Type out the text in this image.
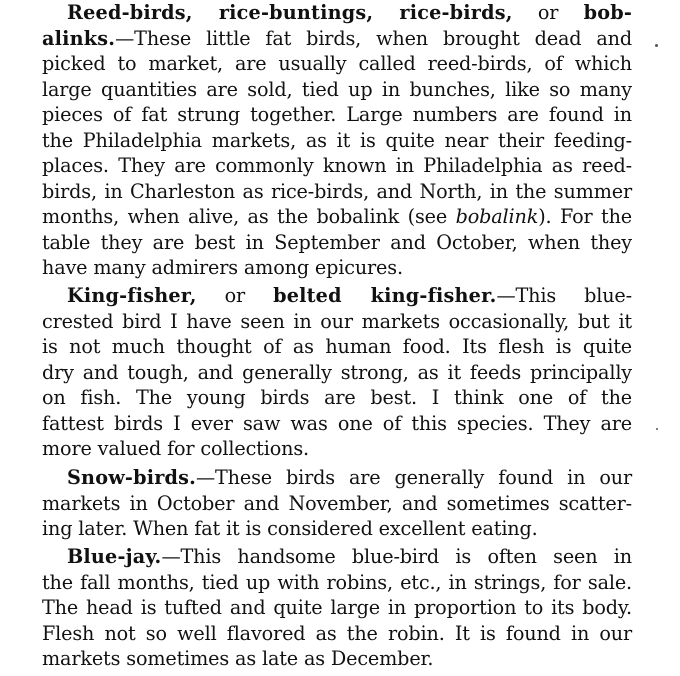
Reed-birds, rice-buntings, rice-birds, or bob-
alinks.—These little fat birds, when brought dead and
picked to market, are usually called reed-birds, of which
large quantities are sold, tied up in bunches, like so many
pieces of fat strung together. Large numbers are found in
the Philadelphia markets, as it is quite near their feeding-
places. They are commonly known in Philadelphia as reed-
birds, in Charleston as rice-birds, and North, in the summer
months, when alive, as the bobalink (see bobalink). For the
table they are best in September and October, when they
have many admirers among epicures.
King-fisher, or belted king-fisher.—This blue-
crested bird I have seen in our markets occasionally, but it
is not much thought of as human food. Its flesh is quite
dry and tough, and generally strong, as it feeds principally
on fish. The young birds are best. I think one of the
fattest birds I ever saw was one of this species. They are
more valued for collections.
Snow-birds.—These birds are generally found in our
markets in October and November, and sometimes scatter-
ing later. When fat it is considered excellent eating.
Blue-jay.—This handsome blue-bird is often seen in
the fall months, tied up with robins, etc., in strings, for sale.
The head is tufted and quite large in proportion to its body.
Flesh not so well flavored as the robin. It is found in our
markets sometimes as late as December.
